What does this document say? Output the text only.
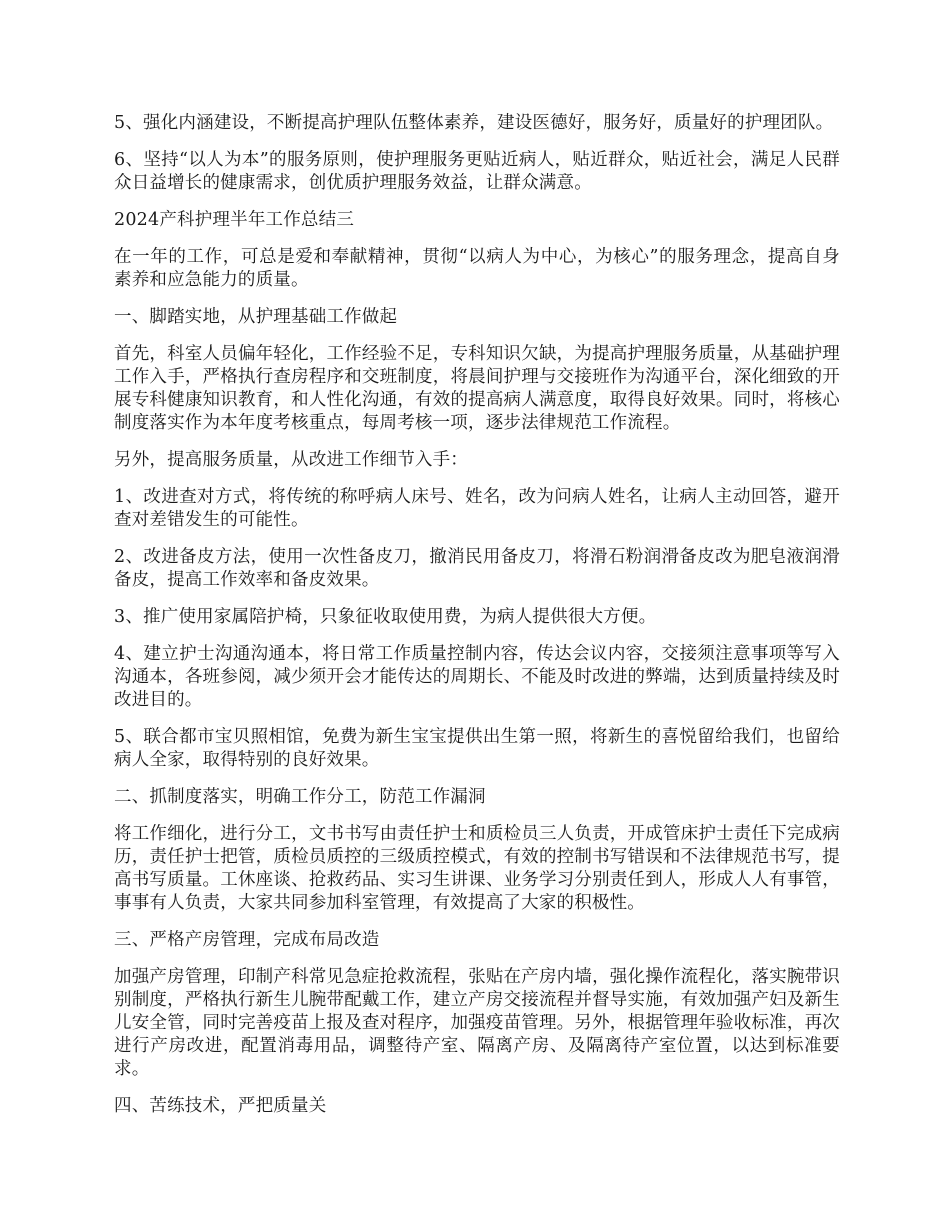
5、强化内涵建设，不断提高护理队伍整体素养，建设医德好，服务好，质量好的护理团队。

6、坚持“以人为本”的服务原则，使护理服务更贴近病人，贴近群众，贴近社会，满足人民群众日益增长的健康需求，创优质护理服务效益，让群众满意。

2024产科护理半年工作总结三

在一年的工作，可总是爱和奉献精神，贯彻“以病人为中心，为核心”的服务理念，提高自身素养和应急能力的质量。

一、脚踏实地，从护理基础工作做起

首先，科室人员偏年轻化，工作经验不足，专科知识欠缺，为提高护理服务质量，从基础护理工作入手，严格执行查房程序和交班制度，将晨间护理与交接班作为沟通平台，深化细致的开展专科健康知识教育，和人性化沟通，有效的提高病人满意度，取得良好效果。同时，将核心制度落实作为本年度考核重点，每周考核一项，逐步法律规范工作流程。

另外，提高服务质量，从改进工作细节入手：

1、改进查对方式，将传统的称呼病人床号、姓名，改为问病人姓名，让病人主动回答，避开查对差错发生的可能性。

2、改进备皮方法，使用一次性备皮刀，撤消民用备皮刀，将滑石粉润滑备皮改为肥皂液润滑备皮，提高工作效率和备皮效果。

3、推广使用家属陪护椅，只象征收取使用费，为病人提供很大方便。

4、建立护士沟通沟通本，将日常工作质量控制内容，传达会议内容，交接须注意事项等写入沟通本，各班参阅，减少须开会才能传达的周期长、不能及时改进的弊端，达到质量持续及时改进目的。

5、联合都市宝贝照相馆，免费为新生宝宝提供出生第一照，将新生的喜悦留给我们，也留给病人全家，取得特别的良好效果。

二、抓制度落实，明确工作分工，防范工作漏洞

将工作细化，进行分工，文书书写由责任护士和质检员三人负责，开成管床护士责任下完成病历，责任护士把管，质检员质控的三级质控模式，有效的控制书写错误和不法律规范书写，提高书写质量。工休座谈、抢救药品、实习生讲课、业务学习分别责任到人，形成人人有事管，事事有人负责，大家共同参加科室管理，有效提高了大家的积极性。

三、严格产房管理，完成布局改造

加强产房管理，印制产科常见急症抢救流程，张贴在产房内墙，强化操作流程化，落实腕带识别制度，严格执行新生儿腕带配戴工作，建立产房交接流程并督导实施，有效加强产妇及新生儿安全管，同时完善疫苗上报及查对程序，加强疫苗管理。另外，根据管理年验收标准，再次进行产房改进，配置消毒用品，调整待产室、隔离产房、及隔离待产室位置，以达到标准要求。

四、苦练技术，严把质量关
